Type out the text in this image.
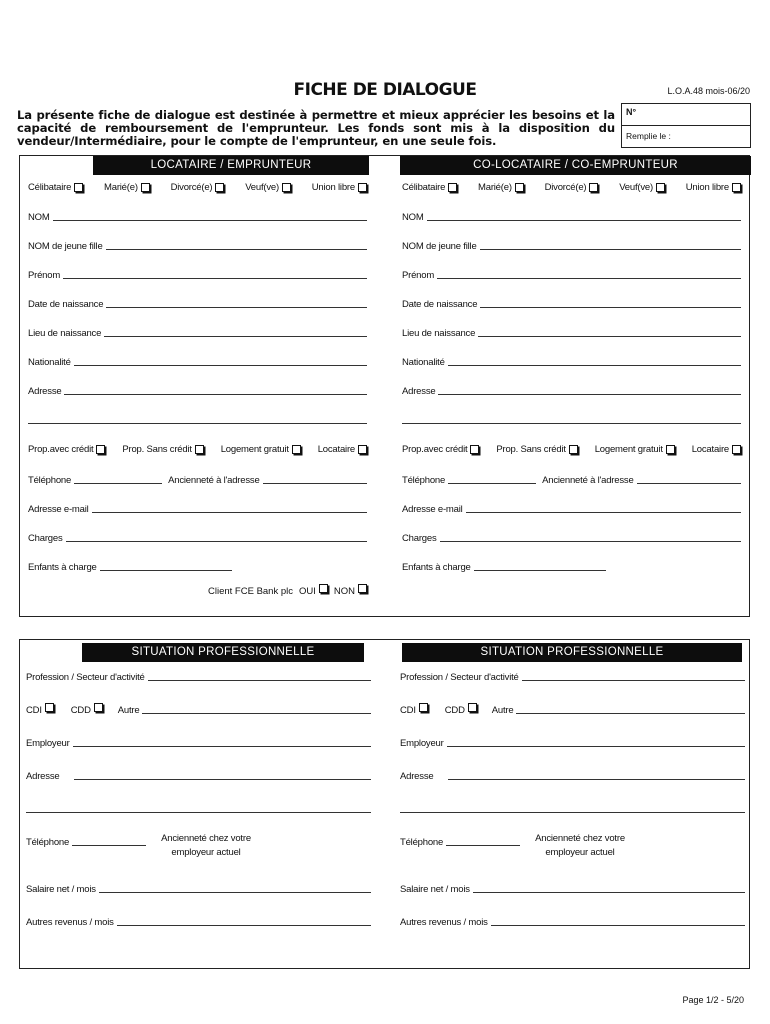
FICHE DE DIALOGUE	L.O.A.48 mois-06/20
La présente fiche de dialogue est destinée à permettre et mieux apprécier les besoins et la capacité de remboursement de l'emprunteur. Les fonds sont mis à la disposition du vendeur/Intermédiaire, pour le compte de l'emprunteur, en une seule fois.
N°
Remplie le :
LOCATAIRE / EMPRUNTEUR	CO-LOCATAIRE / CO-EMPRUNTEUR
Célibataire	Marié(e)	Divorcé(e)	Veuf(ve)	Union libre
NOM
NOM de jeune fille
Prénom
Date de naissance
Lieu de naissance
Nationalité
Adresse
Prop.avec crédit	Prop. Sans crédit	Logement gratuit	Locataire
Téléphone	Ancienneté à l'adresse
Adresse e-mail
Charges
Enfants à charge
Client FCE Bank plc OUI	NON
Célibataire	Marié(e)	Divorcé(e)	Veuf(ve)	Union libre
NOM
NOM de jeune fille
Prénom
Date de naissance
Lieu de naissance
Nationalité
Adresse
Prop.avec crédit	Prop. Sans crédit	Logement gratuit	Locataire
Téléphone	Ancienneté à l'adresse
Adresse e-mail
Charges
Enfants à charge
SITUATION PROFESSIONNELLE	SITUATION PROFESSIONNELLE
Profession / Secteur d'activité
CDI	CDD	Autre
Employeur
Adresse
Téléphone	Ancienneté chez votre
employeur actuel
Salaire net / mois
Autres revenus / mois
Profession / Secteur d'activité
CDI	CDD	Autre
Employeur
Adresse
Téléphone	Ancienneté chez votre
employeur actuel
Salaire net / mois
Autres revenus / mois
Page 1/2 - 5/20
